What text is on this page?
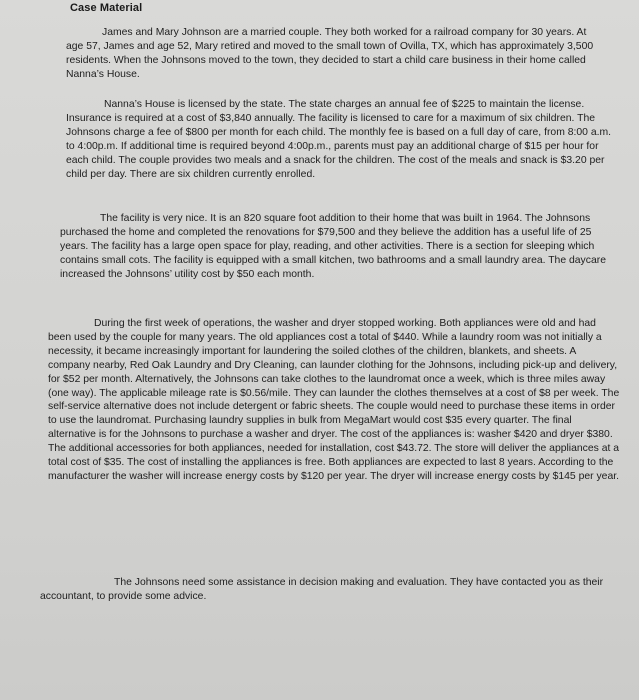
Case Material

James and Mary Johnson are a married couple. They both worked for a railroad company for 30 years. At age 57, James and age 52, Mary retired and moved to the small town of Ovilla, TX, which has approximately 3,500 residents. When the Johnsons moved to the town, they decided to start a child care business in their home called Nanna’s House.

Nanna’s House is licensed by the state. The state charges an annual fee of $225 to maintain the license. Insurance is required at a cost of $3,840 annually. The facility is licensed to care for a maximum of six children. The Johnsons charge a fee of $800 per month for each child. The monthly fee is based on a full day of care, from 8:00 a.m. to 4:00p.m. If additional time is required beyond 4:00p.m., parents must pay an additional charge of $15 per hour for each child. The couple provides two meals and a snack for the children. The cost of the meals and snack is $3.20 per child per day. There are six children currently enrolled.

The facility is very nice. It is an 820 square foot addition to their home that was built in 1964. The Johnsons purchased the home and completed the renovations for $79,500 and they believe the addition has a useful life of 25 years. The facility has a large open space for play, reading, and other activities. There is a section for sleeping which contains small cots. The facility is equipped with a small kitchen, two bathrooms and a small laundry area. The daycare increased the Johnsons’ utility cost by $50 each month.

During the first week of operations, the washer and dryer stopped working. Both appliances were old and had been used by the couple for many years. The old appliances cost a total of $440. While a laundry room was not initially a necessity, it became increasingly important for laundering the soiled clothes of the children, blankets, and sheets. A company nearby, Red Oak Laundry and Dry Cleaning, can launder clothing for the Johnsons, including pick-up and delivery, for $52 per month. Alternatively, the Johnsons can take clothes to the laundromat once a week, which is three miles away (one way). The applicable mileage rate is $0.56/mile. They can launder the clothes themselves at a cost of $8 per week. The self-service alternative does not include detergent or fabric sheets. The couple would need to purchase these items in order to use the laundromat. Purchasing laundry supplies in bulk from MegaMart would cost $35 every quarter. The final alternative is for the Johnsons to purchase a washer and dryer. The cost of the appliances is: washer $420 and dryer $380. The additional accessories for both appliances, needed for installation, cost $43.72. The store will deliver the appliances at a total cost of $35. The cost of installing the appliances is free. Both appliances are expected to last 8 years. According to the manufacturer the washer will increase energy costs by $120 per year. The dryer will increase energy costs by $145 per year.

The Johnsons need some assistance in decision making and evaluation. They have contacted you as their accountant, to provide some advice.
